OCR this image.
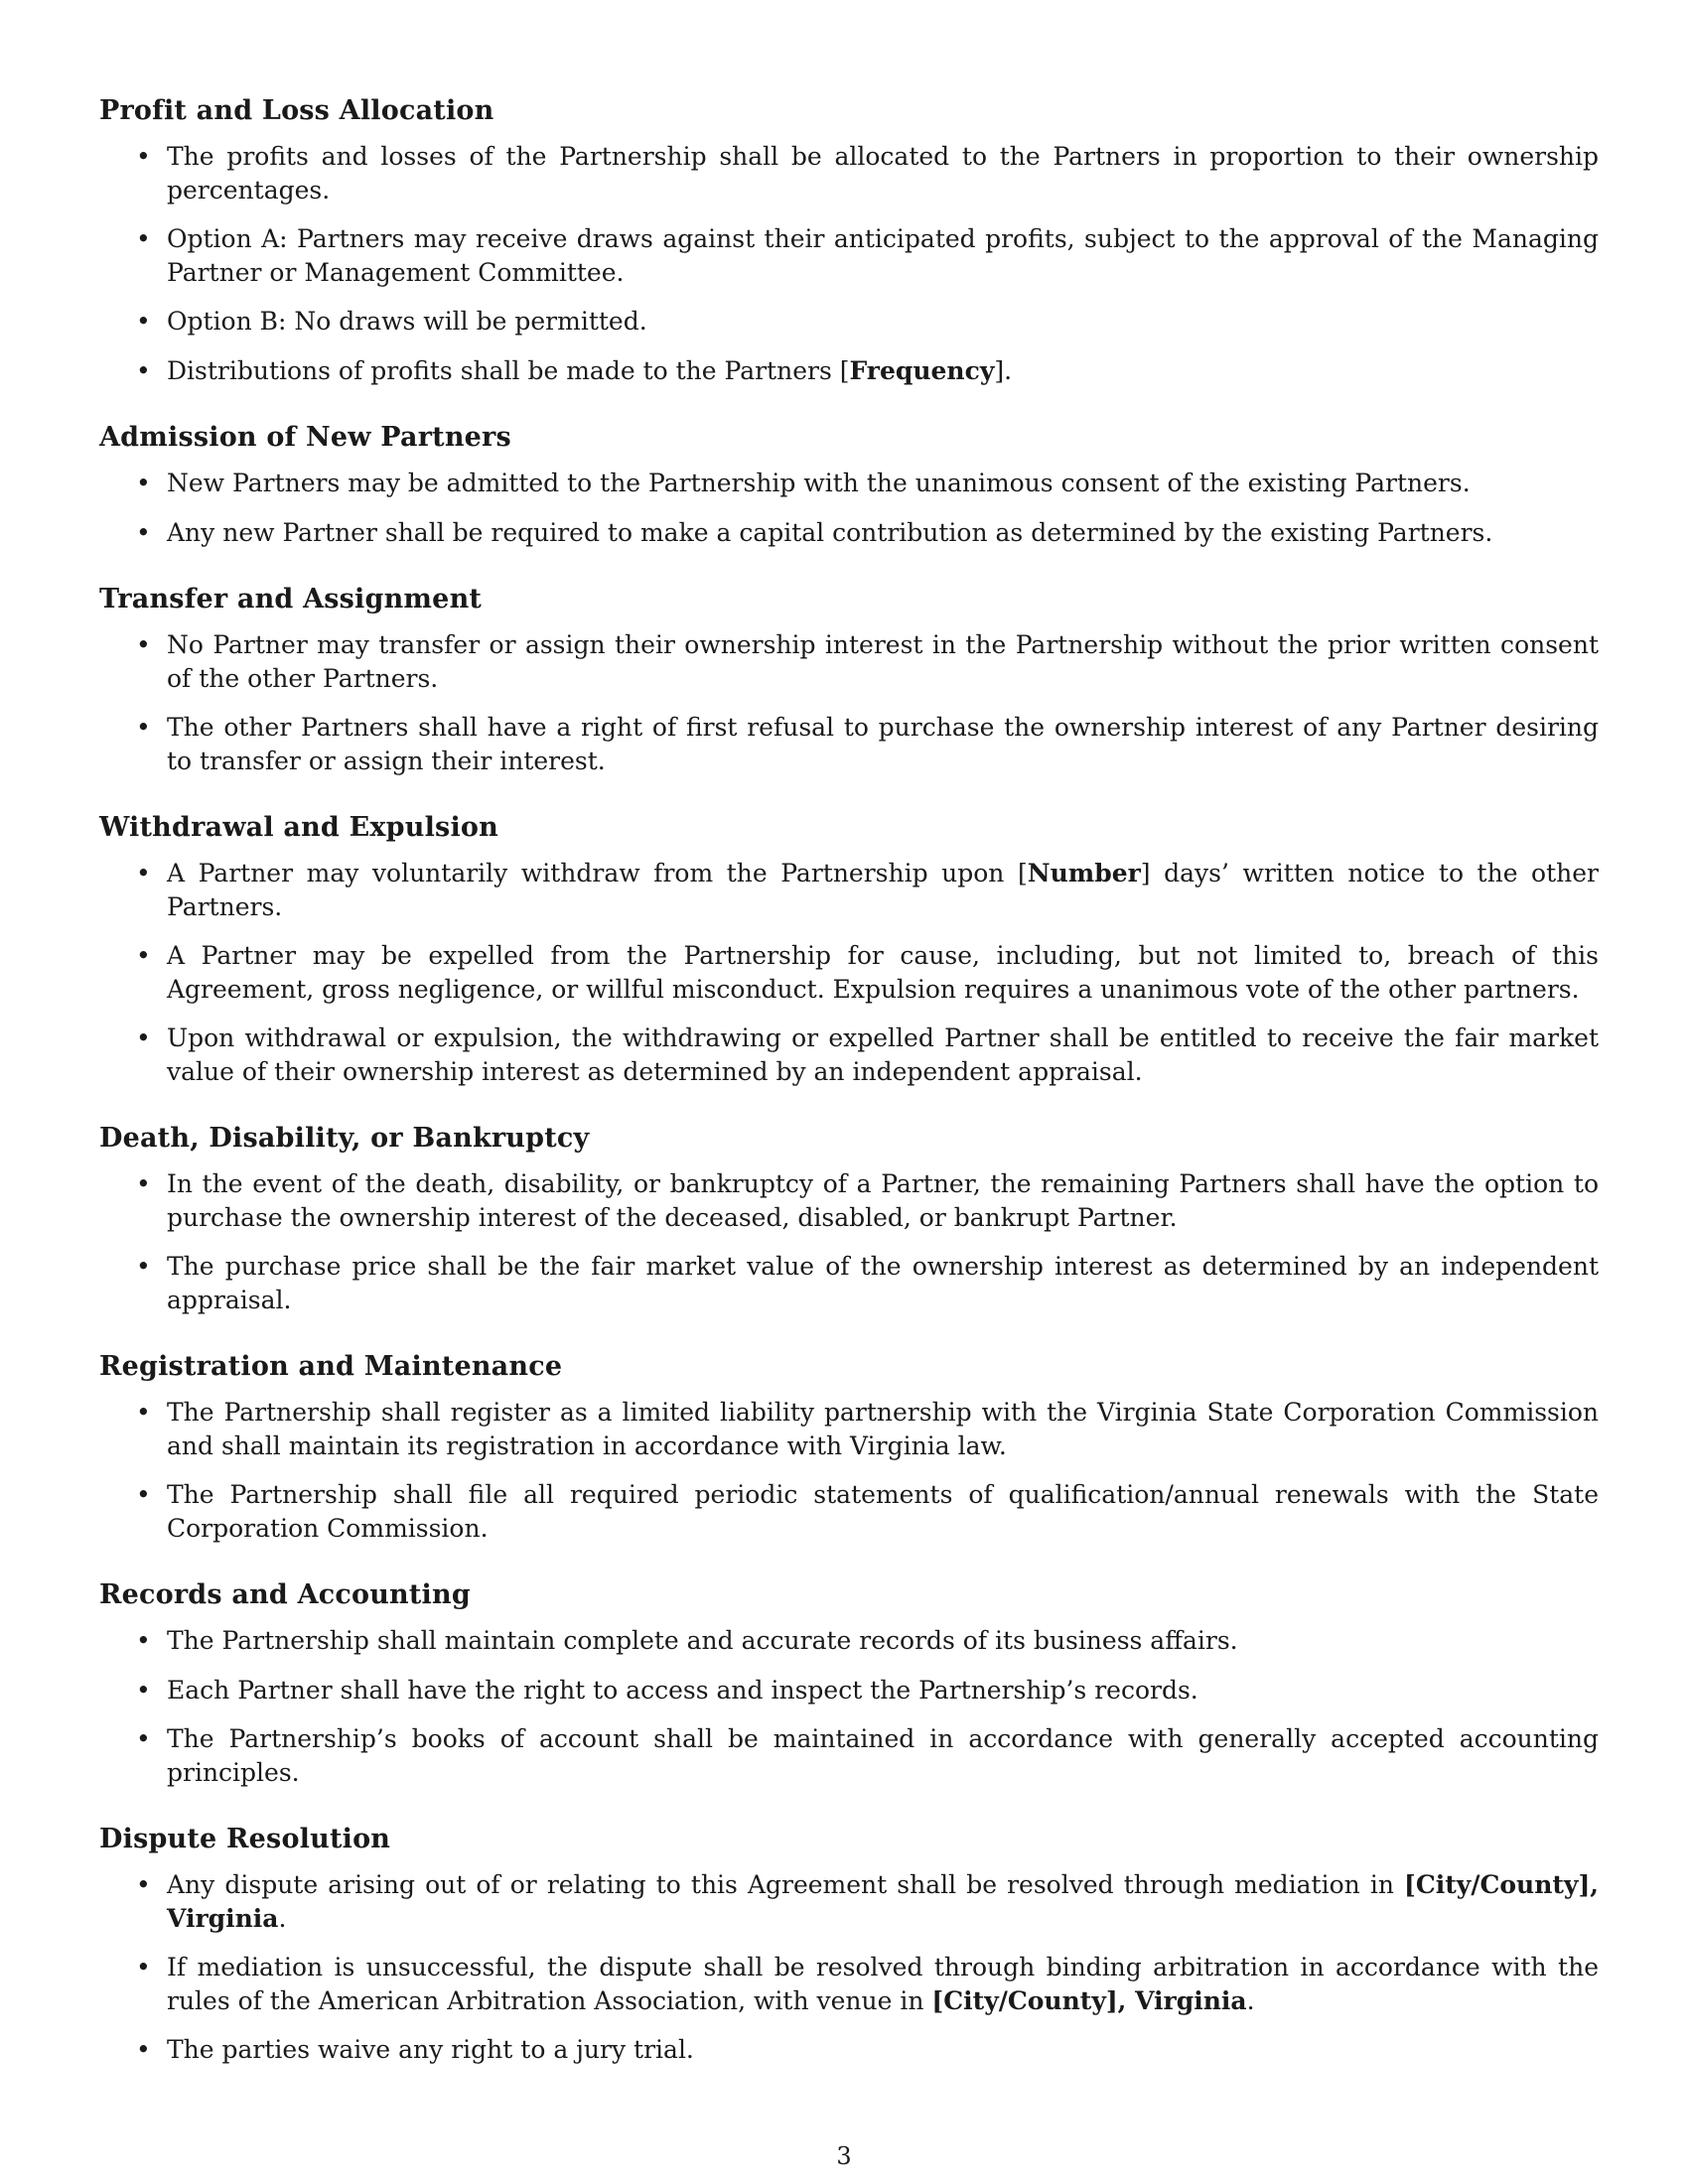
Profit and Loss Allocation
• The profits and losses of the Partnership shall be allocated to the Partners in proportion to their ownership percentages.
• Option A: Partners may receive draws against their anticipated profits, subject to the approval of the Managing Partner or Management Committee.
• Option B: No draws will be permitted.
• Distributions of profits shall be made to the Partners [Frequency].
Admission of New Partners
• New Partners may be admitted to the Partnership with the unanimous consent of the existing Partners.
• Any new Partner shall be required to make a capital contribution as determined by the existing Partners.
Transfer and Assignment
• No Partner may transfer or assign their ownership interest in the Partnership without the prior written consent of the other Partners.
• The other Partners shall have a right of first refusal to purchase the ownership interest of any Partner desiring to transfer or assign their interest.
Withdrawal and Expulsion
• A Partner may voluntarily withdraw from the Partnership upon [Number] days’ written notice to the other Partners.
• A Partner may be expelled from the Partnership for cause, including, but not limited to, breach of this Agreement, gross negligence, or willful misconduct. Expulsion requires a unanimous vote of the other partners.
• Upon withdrawal or expulsion, the withdrawing or expelled Partner shall be entitled to receive the fair market value of their ownership interest as determined by an independent appraisal.
Death, Disability, or Bankruptcy
• In the event of the death, disability, or bankruptcy of a Partner, the remaining Partners shall have the option to purchase the ownership interest of the deceased, disabled, or bankrupt Partner.
• The purchase price shall be the fair market value of the ownership interest as determined by an independent appraisal.
Registration and Maintenance
• The Partnership shall register as a limited liability partnership with the Virginia State Corporation Commission and shall maintain its registration in accordance with Virginia law.
• The Partnership shall file all required periodic statements of qualification/annual renewals with the State Corporation Commission.
Records and Accounting
• The Partnership shall maintain complete and accurate records of its business affairs.
• Each Partner shall have the right to access and inspect the Partnership’s records.
• The Partnership’s books of account shall be maintained in accordance with generally accepted accounting principles.
Dispute Resolution
• Any dispute arising out of or relating to this Agreement shall be resolved through mediation in [City/County], Virginia.
• If mediation is unsuccessful, the dispute shall be resolved through binding arbitration in accordance with the rules of the American Arbitration Association, with venue in [City/County], Virginia.
• The parties waive any right to a jury trial.
3
